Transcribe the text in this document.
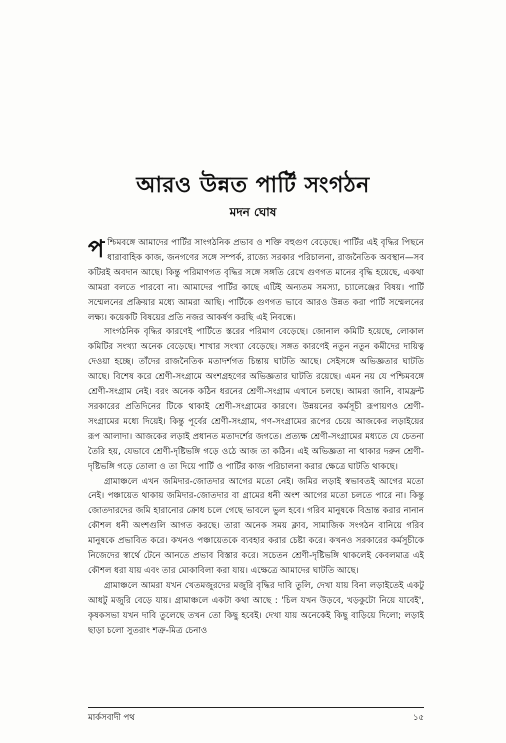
আরও উন্নত পার্টি সংগঠন
মদন ঘোষ

পশ্চিমবঙ্গে আমাদের পার্টির সাংগঠনিক প্রভাব ও শক্তি বহুগুণ বেড়েছে। পার্টির এই বৃদ্ধির পিছনে ধারাবাহিক কাজ, জনগণের সঙ্গে সম্পর্ক, রাজ্যে সরকার পরিচালনা, রাজনৈতিক অবস্থান—সব কটিরই অবদান আছে। কিন্তু পরিমাণগত বৃদ্ধির সঙ্গে সঙ্গতি রেখে গুণগত মানের বৃদ্ধি হয়েছে, একথা আমরা বলতে পারবো না। আমাদের পার্টির কাছে এটিই অন্যতম সমস্যা, চ্যালেঞ্জের বিষয়। পার্টি সম্মেলনের প্রক্রিয়ার মধ্যে আমরা আছি। পার্টিকে গুণগত ভাবে আরও উন্নত করা পার্টি সম্মেলনের লক্ষ্য। কয়েকটি বিষয়ের প্রতি নজর আকর্ষণ করছি এই নিবন্ধে।

সাংগঠনিক বৃদ্ধির কারণেই পার্টিতে স্তরের পরিমাণ বেড়েছে। জোনাল কমিটি হয়েছে, লোকাল কমিটির সংখ্যা অনেক বেড়েছে। শাখার সংখ্যা বেড়েছে। সঙ্গত কারণেই নতুন নতুন কমীদের দায়িত্ব দেওয়া হচ্ছে। তাঁদের রাজনৈতিক মতাদর্শগত চিন্তায় ঘাটতি আছে। সেইসঙ্গে অভিজ্ঞতার ঘাটতি আছে। বিশেষ করে শ্রেণী-সংগ্রামে অংশগ্রহণের অভিজ্ঞতার ঘাটতি রয়েছে। এমন নয় যে পশ্চিমবঙ্গে শ্রেণী-সংগ্রাম নেই। বরং অনেক কঠিন ধরনের শ্রেণী-সংগ্রাম এখানে চলছে। আমরা জানি, বামফ্রন্ট সরকারের প্রতিদিনের টিকে থাকাই শ্রেণী-সংগ্রামের কারণে। উন্নয়নের কর্মসূচী রূপায়ণও শ্রেণী-সংগ্রামের মধ্যে দিয়েই। কিন্তু পূর্বের শ্রেণী-সংগ্রাম, গণ-সংগ্রামের রূপের চেয়ে আজকের লড়াইয়ের রূপ আলাদা। আজকের লড়াই প্রধানত মতাদর্শের জগতে। প্রত্যক্ষ শ্রেণী-সংগ্রামের মধ্যতে যে চেতনা তৈরি হয়, যেভাবে শ্রেণী-দৃষ্টিভঙ্গি গড়ে ওঠে আজ তা কঠিন। এই অভিজ্ঞতা না থাকার দরুন শ্রেণী-দৃষ্টিভঙ্গি গড়ে তোলা ও তা দিয়ে পার্টি ও পার্টির কাজ পরিচালনা করার ক্ষেত্রে ঘাটতি থাকছে।

গ্রামাঞ্চলে এখন জমিদার-জোতদার আগের মতো নেই। জমির লড়াই স্বভাবতই আগের মতো নেই। পঞ্চায়েত থাকায় জমিদার-জোতদার বা গ্রামের ধনী অংশ আগের মতো চলতে পারে না। কিন্তু জোতদারদের জমি হারানোর ক্রোধ চলে গেছে ভাবলে ভুল হবে। গরিব মানুষকে বিভ্রান্ত করার নানান কৌশল ধনী অংশগুলি আগত করছে। তারা অনেক সময় ক্লাব, সামাজিক সংগঠন বানিয়ে গরিব মানুষকে প্রভাবিত করে। কখনও পঞ্চায়েতকে ব্যবহার করার চেষ্টা করে। কখনও সরকারের কর্মসূচীকে নিজেদের স্বার্থে টেনে আনতে প্রভাব বিস্তার করে। সচেতন শ্রেণী-দৃষ্টিভঙ্গি থাকলেই কেবলমাত্র এই কৌশল ধরা যায় এবং তার মোকাবিলা করা যায়। এক্ষেত্রে আমাদের ঘাটতি আছে।

গ্রামাঞ্চলে আমরা যখন খেতমজুরদের মজুরি বৃদ্ধির দাবি তুলি, দেখা যায় বিনা লড়াইতেই একটু আধটু মজুরি বেড়ে যায়। গ্রামাঞ্চলে একটা কথা আছে : 'চিল যখন উড়বে, খড়কুটো নিয়ে যাবেই', কৃষকসভা যখন দাবি তুলেছে তখন তো কিছু হবেই। দেখা যায় অনেকেই কিছু বাড়িয়ে দিলো; লড়াই ছাড়া চলো সুতরাং শত্রু-মিত্র চেনাও

মার্কসবাদী পথ	১৫
